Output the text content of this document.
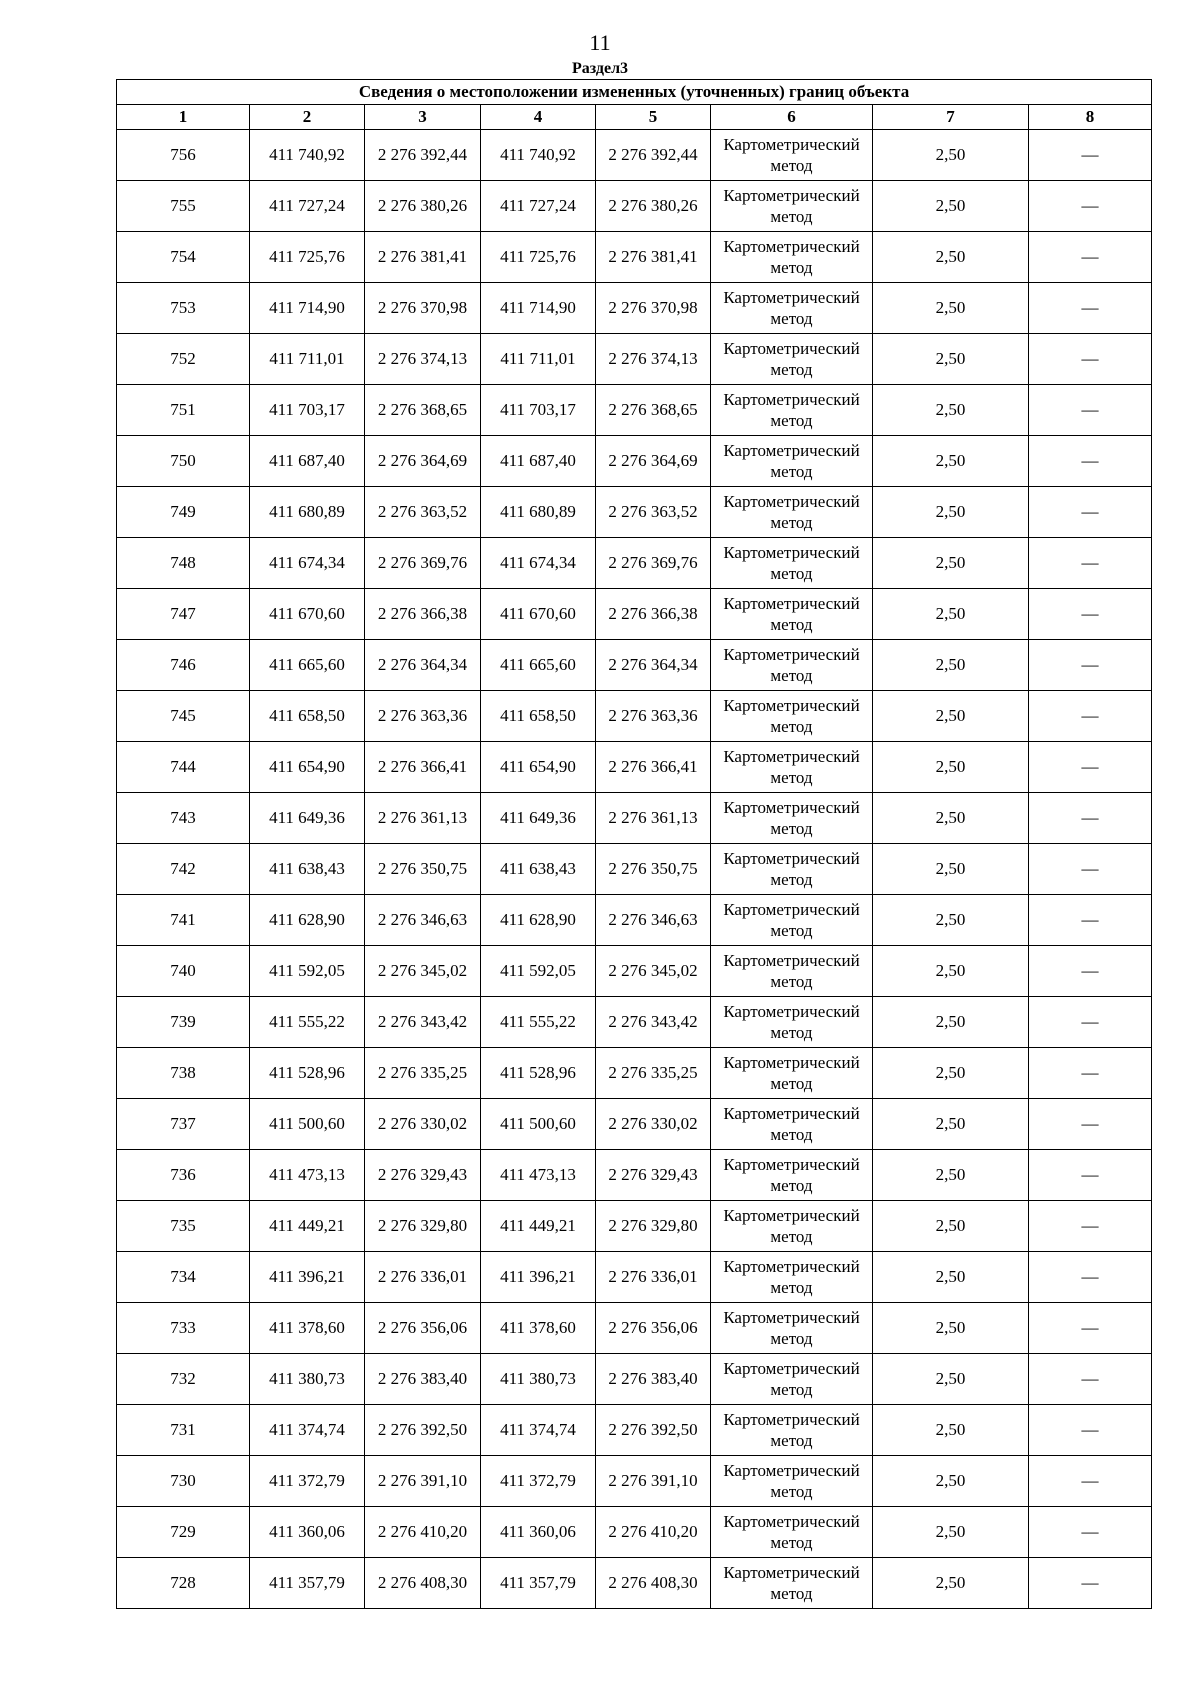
11
Раздел3
Сведения о местоположении измененных (уточненных) границ объекта							
1	2	3	4	5	6	7	8
756	411 740,92	2 276 392,44	411 740,92	2 276 392,44	Картометрический метод	2,50	—
755	411 727,24	2 276 380,26	411 727,24	2 276 380,26	Картометрический метод	2,50	—
754	411 725,76	2 276 381,41	411 725,76	2 276 381,41	Картометрический метод	2,50	—
753	411 714,90	2 276 370,98	411 714,90	2 276 370,98	Картометрический метод	2,50	—
752	411 711,01	2 276 374,13	411 711,01	2 276 374,13	Картометрический метод	2,50	—
751	411 703,17	2 276 368,65	411 703,17	2 276 368,65	Картометрический метод	2,50	—
750	411 687,40	2 276 364,69	411 687,40	2 276 364,69	Картометрический метод	2,50	—
749	411 680,89	2 276 363,52	411 680,89	2 276 363,52	Картометрический метод	2,50	—
748	411 674,34	2 276 369,76	411 674,34	2 276 369,76	Картометрический метод	2,50	—
747	411 670,60	2 276 366,38	411 670,60	2 276 366,38	Картометрический метод	2,50	—
746	411 665,60	2 276 364,34	411 665,60	2 276 364,34	Картометрический метод	2,50	—
745	411 658,50	2 276 363,36	411 658,50	2 276 363,36	Картометрический метод	2,50	—
744	411 654,90	2 276 366,41	411 654,90	2 276 366,41	Картометрический метод	2,50	—
743	411 649,36	2 276 361,13	411 649,36	2 276 361,13	Картометрический метод	2,50	—
742	411 638,43	2 276 350,75	411 638,43	2 276 350,75	Картометрический метод	2,50	—
741	411 628,90	2 276 346,63	411 628,90	2 276 346,63	Картометрический метод	2,50	—
740	411 592,05	2 276 345,02	411 592,05	2 276 345,02	Картометрический метод	2,50	—
739	411 555,22	2 276 343,42	411 555,22	2 276 343,42	Картометрический метод	2,50	—
738	411 528,96	2 276 335,25	411 528,96	2 276 335,25	Картометрический метод	2,50	—
737	411 500,60	2 276 330,02	411 500,60	2 276 330,02	Картометрический метод	2,50	—
736	411 473,13	2 276 329,43	411 473,13	2 276 329,43	Картометрический метод	2,50	—
735	411 449,21	2 276 329,80	411 449,21	2 276 329,80	Картометрический метод	2,50	—
734	411 396,21	2 276 336,01	411 396,21	2 276 336,01	Картометрический метод	2,50	—
733	411 378,60	2 276 356,06	411 378,60	2 276 356,06	Картометрический метод	2,50	—
732	411 380,73	2 276 383,40	411 380,73	2 276 383,40	Картометрический метод	2,50	—
731	411 374,74	2 276 392,50	411 374,74	2 276 392,50	Картометрический метод	2,50	—
730	411 372,79	2 276 391,10	411 372,79	2 276 391,10	Картометрический метод	2,50	—
729	411 360,06	2 276 410,20	411 360,06	2 276 410,20	Картометрический метод	2,50	—
728	411 357,79	2 276 408,30	411 357,79	2 276 408,30	Картометрический метод	2,50	—
